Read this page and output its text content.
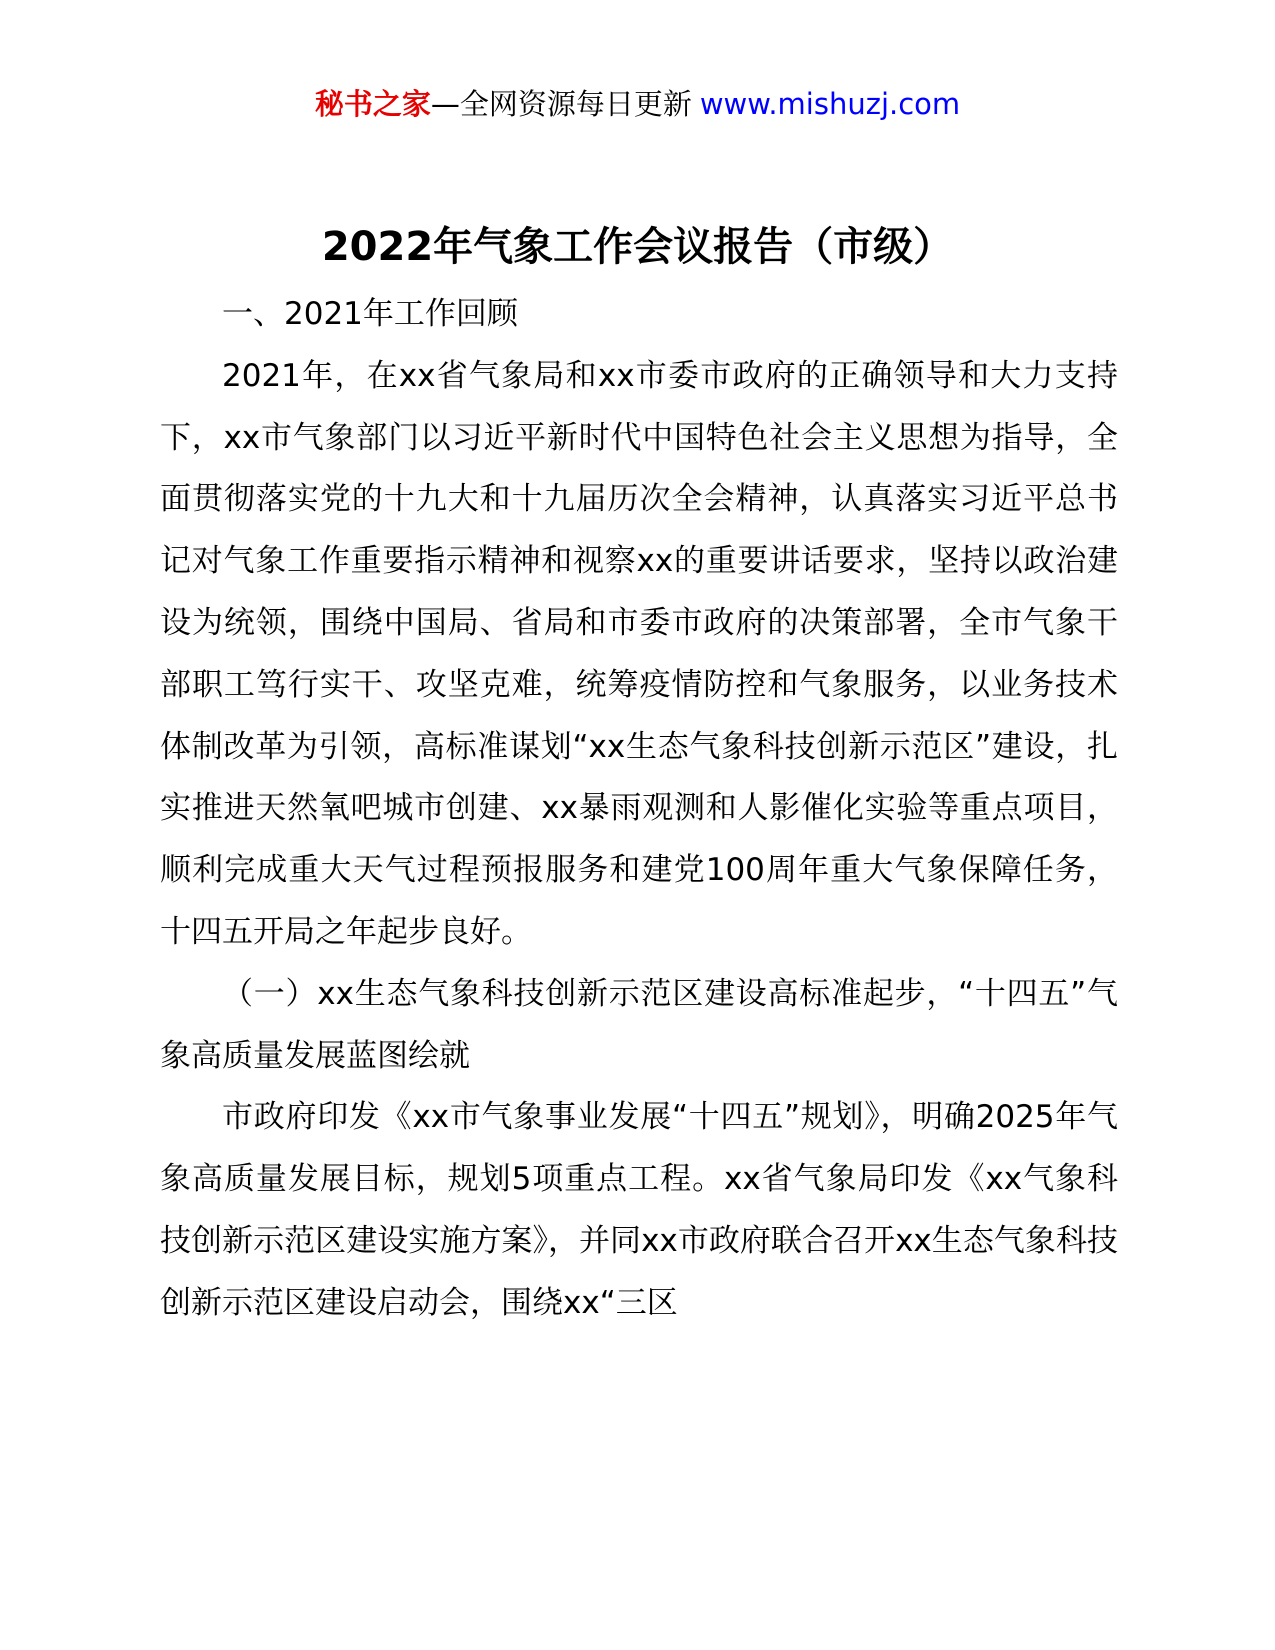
秘书之家—全网资源每日更新 www.mishuzj.com
2022年气象工作会议报告（市级）

一、2021年工作回顾

2021年，在xx省气象局和xx市委市政府的正确领导和大力支持下，xx市气象部门以习近平新时代中国特色社会主义思想为指导，全面贯彻落实党的十九大和十九届历次全会精神，认真落实习近平总书记对气象工作重要指示精神和视察xx的重要讲话要求，坚持以政治建设为统领，围绕中国局、省局和市委市政府的决策部署，全市气象干部职工笃行实干、攻坚克难，统筹疫情防控和气象服务，以业务技术体制改革为引领，高标准谋划“xx生态气象科技创新示范区”建设，扎实推进天然氧吧城市创建、xx暴雨观测和人影催化实验等重点项目，顺利完成重大天气过程预报服务和建党100周年重大气象保障任务，十四五开局之年起步良好。

（一）xx生态气象科技创新示范区建设高标准起步，“十四五”气象高质量发展蓝图绘就

市政府印发《xx市气象事业发展“十四五”规划》，明确2025年气象高质量发展目标，规划5项重点工程。xx省气象局印发《xx气象科技创新示范区建设实施方案》，并同xx市政府联合召开xx生态气象科技创新示范区建设启动会，围绕xx“三区
